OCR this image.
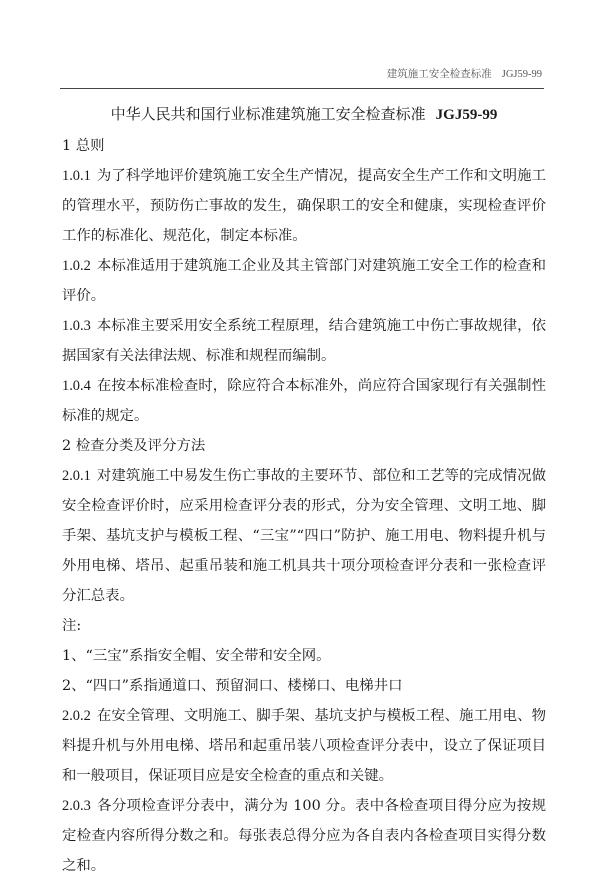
建筑施工安全检查标准 JGJ59-99
中华人民共和国行业标准建筑施工安全检查标准 JGJ59-99

1 总则

1.0.1 为了科学地评价建筑施工安全生产情况，提高安全生产工作和文明施工的管理水平，预防伤亡事故的发生，确保职工的安全和健康，实现检查评价工作的标准化、规范化，制定本标准。

1.0.2 本标准适用于建筑施工企业及其主管部门对建筑施工安全工作的检查和评价。

1.0.3 本标准主要采用安全系统工程原理，结合建筑施工中伤亡事故规律，依据国家有关法律法规、标准和规程而编制。

1.0.4 在按本标准检查时，除应符合本标准外，尚应符合国家现行有关强制性标准的规定。

2 检查分类及评分方法

2.0.1 对建筑施工中易发生伤亡事故的主要环节、部位和工艺等的完成情况做安全检查评价时，应采用检查评分表的形式，分为安全管理、文明工地、脚手架、基坑支护与模板工程、“三宝”“四口”防护、施工用电、物料提升机与外用电梯、塔吊、起重吊装和施工机具共十项分项检查评分表和一张检查评分汇总表。

注:

1、“三宝”系指安全帽、安全带和安全网。

2、“四口”系指通道口、预留洞口、楼梯口、电梯井口

2.0.2 在安全管理、文明施工、脚手架、基坑支护与模板工程、施工用电、物料提升机与外用电梯、塔吊和起重吊装八项检查评分表中，设立了保证项目和一般项目，保证项目应是安全检查的重点和关键。

2.0.3 各分项检查评分表中，满分为 100 分。表中各检查项目得分应为按规定检查内容所得分数之和。每张表总得分应为各自表内各检查项目实得分数之和。
